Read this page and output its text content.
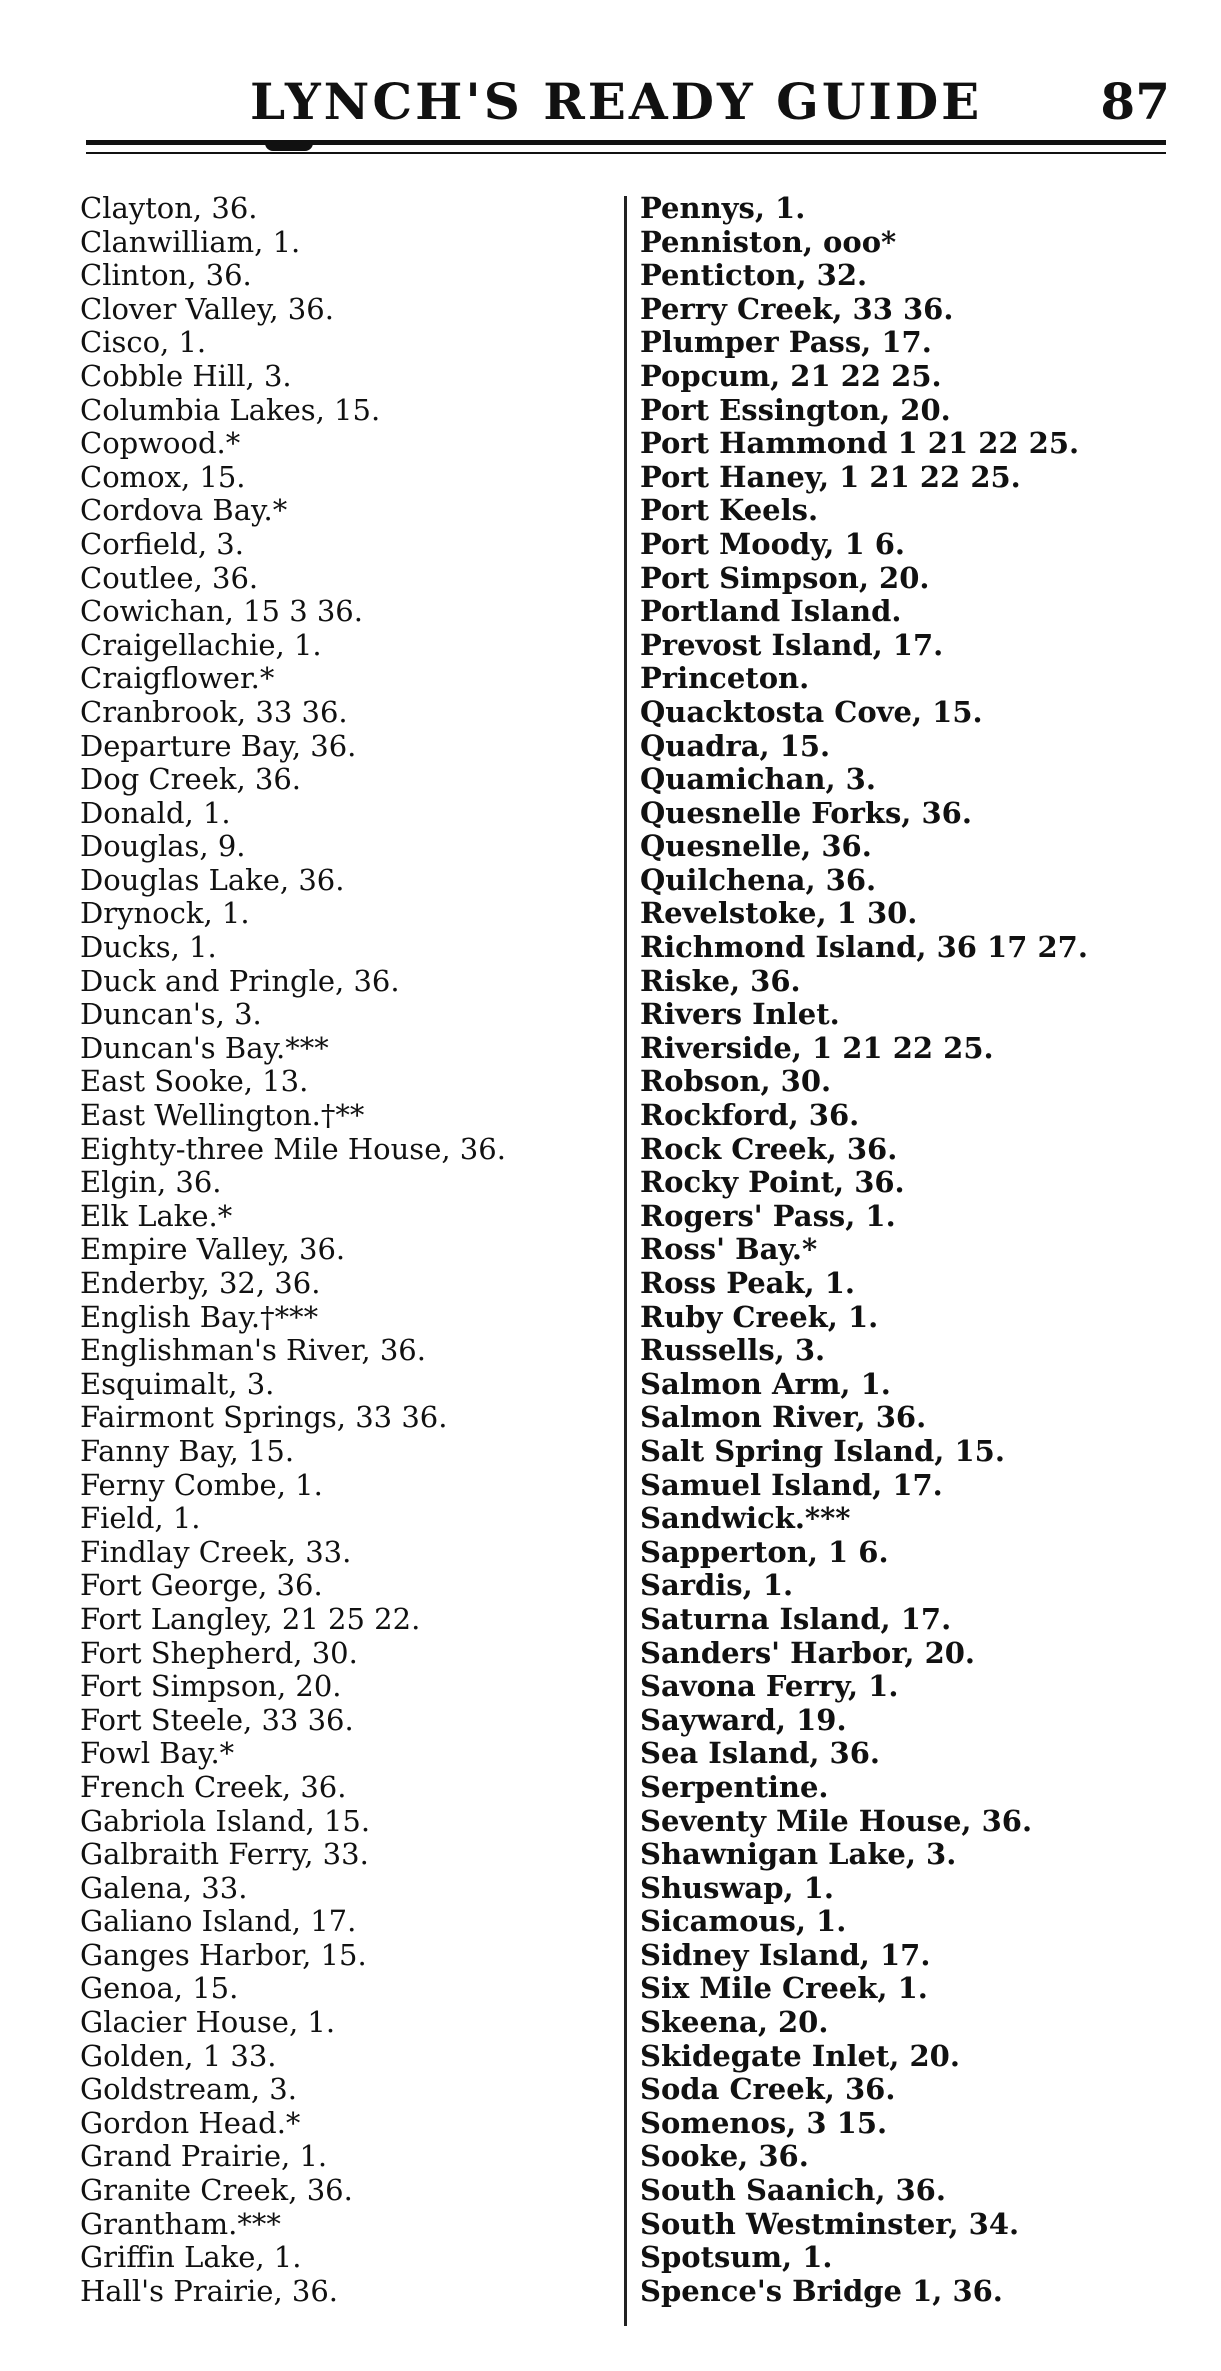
LYNCH'S READY GUIDE 87
Clayton, 36.
Clanwilliam, 1.
Clinton, 36.
Clover Valley, 36.
Cisco, 1.
Cobble Hill, 3.
Columbia Lakes, 15.
Copwood.*
Comox, 15.
Cordova Bay.*
Corfield, 3.
Coutlee, 36.
Cowichan, 15 3 36.
Craigellachie, 1.
Craigflower.*
Cranbrook, 33 36.
Departure Bay, 36.
Dog Creek, 36.
Donald, 1.
Douglas, 9.
Douglas Lake, 36.
Drynock, 1.
Ducks, 1.
Duck and Pringle, 36.
Duncan's, 3.
Duncan's Bay.***
East Sooke, 13.
East Wellington.†**
Eighty-three Mile House, 36.
Elgin, 36.
Elk Lake.*
Empire Valley, 36.
Enderby, 32, 36.
English Bay.†***
Englishman's River, 36.
Esquimalt, 3.
Fairmont Springs, 33 36.
Fanny Bay, 15.
Ferny Combe, 1.
Field, 1.
Findlay Creek, 33.
Fort George, 36.
Fort Langley, 21 25 22.
Fort Shepherd, 30.
Fort Simpson, 20.
Fort Steele, 33 36.
Fowl Bay.*
French Creek, 36.
Gabriola Island, 15.
Galbraith Ferry, 33.
Galena, 33.
Galiano Island, 17.
Ganges Harbor, 15.
Genoa, 15.
Glacier House, 1.
Golden, 1 33.
Goldstream, 3.
Gordon Head.*
Grand Prairie, 1.
Granite Creek, 36.
Grantham.***
Griffin Lake, 1.
Hall's Prairie, 36.
Pennys, 1.
Penniston, ooo*
Penticton, 32.
Perry Creek, 33 36.
Plumper Pass, 17.
Popcum, 21 22 25.
Port Essington, 20.
Port Hammond 1 21 22 25.
Port Haney, 1 21 22 25.
Port Keels.
Port Moody, 1 6.
Port Simpson, 20.
Portland Island.
Prevost Island, 17.
Princeton.
Quacktosta Cove, 15.
Quadra, 15.
Quamichan, 3.
Quesnelle Forks, 36.
Quesnelle, 36.
Quilchena, 36.
Revelstoke, 1 30.
Richmond Island, 36 17 27.
Riske, 36.
Rivers Inlet.
Riverside, 1 21 22 25.
Robson, 30.
Rockford, 36.
Rock Creek, 36.
Rocky Point, 36.
Rogers' Pass, 1.
Ross' Bay.*
Ross Peak, 1.
Ruby Creek, 1.
Russells, 3.
Salmon Arm, 1.
Salmon River, 36.
Salt Spring Island, 15.
Samuel Island, 17.
Sandwick.***
Sapperton, 1 6.
Sardis, 1.
Saturna Island, 17.
Sanders' Harbor, 20.
Savona Ferry, 1.
Sayward, 19.
Sea Island, 36.
Serpentine.
Seventy Mile House, 36.
Shawnigan Lake, 3.
Shuswap, 1.
Sicamous, 1.
Sidney Island, 17.
Six Mile Creek, 1.
Skeena, 20.
Skidegate Inlet, 20.
Soda Creek, 36.
Somenos, 3 15.
Sooke, 36.
South Saanich, 36.
South Westminster, 34.
Spotsum, 1.
Spence's Bridge 1, 36.
